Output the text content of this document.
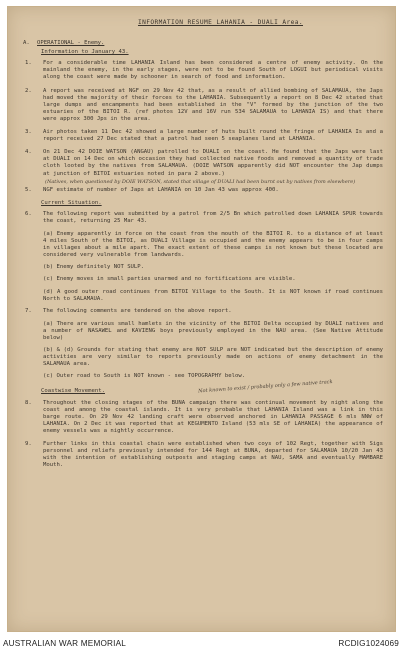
INFORMATION RESUME LAHANIA - DUALI Area.
A. OPERATIONAL - Enemy.
Information to January 43.
1.	For a considerable time LAHANIA Island has been considered a centre of enemy activity. On the mainland the enemy, in the early stages, were not to be found South of LOGUI but periodical visits along the coast were made by schooner in search of food and information.
2.	A report was received at NGF on 29 Nov 42 that, as a result of allied bombing of SALAMAUA, the Japs had moved the majority of their forces to the LAHANIA. Subsequently a report on 8 Dec 42 stated that large dumps and encampments had been established in the "V" formed by the junction of the two estuaries of the BITOI R. (ref photos 12V and 16V run 534 SALAMAUA to LAHANIA IS) and that there were approx 300 Jps in the area.
3.	Air photos taken 11 Dec 42 showed a large number of huts built round the fringe of LAHANIA Is and a report received 27 Dec stated that a patrol had seen 5 seaplanes land at LAHANIA.
4.	On 21 Dec 42 DOIE WATSON (ANGAU) patrolled to DUALI on the coast. He found that the Japs were last at DUALI on 14 Dec on which occasion they had collected native foods and removed a quantity of trade cloth looted by the natives from SALAMAUA. (DOIE WATSON apparently did NOT encounter the Jap dumps at junction of BITOI estuaries noted in para 2 above.)
(Natives, when questioned by DOIE WATSON, stated that village of DUALI had been burnt out by natives from elsewhere)
5.	NGF estimate of number of Japs at LAHANIA on 10 Jan 43 was approx 400.
Current Situation.
6.	The following report was submitted by a patrol from 2/5 Bn which patrolled down LAHANIA SPUR towards the coast, returning 25 Mar 43.
(a) Enemy apparently in force on the coast from the mouth of the BITOI R. to a distance of at least 4 miles South of the BITOI, as DUALI Village is occupied and the enemy appears to be in four camps in villages about a mile apart. The exact extent of these camps is not known but these located are considered very vulnerable from landwards.
(b) Enemy definitely NOT SULP.
(c) Enemy moves in small parties unarmed and no fortifications are visible.
(d) A good outer road continues from BITOI Village to the South. It is NOT known if road continues North to SALAMAUA.
7.	The following comments are tendered on the above report.
(a) There are various small hamlets in the vicinity of the BITOI Delta occupied by DUALI natives and a number of NASAWEL and KAVIENG boys previously employed in the NAU area. (See Native Attitude below)
(b) & (d) Grounds for stating that enemy are NOT SULP are NOT indicated but the description of enemy activities are very similar to reports previously made on actions of enemy detachment in the SALAMAUA area.
(c) Outer road to South is NOT known - see TOPOGRAPHY below.
Not known to exist / probably only a few native track
Coastwise Movement.
8.	Throughout the closing stages of the BUNA campaign there was continual movement by night along the coast and among the coastal islands. It is very probable that LAHANIA Island was a link in this barge route. On 29 Nov 42 landing craft were observed anchored in LAHANIA PASSAGE 6 mls NNW of LAHANIA. On 2 Dec it was reported that at KEGUMENTO Island (53 mls SE of LAHANIA) the appearance of enemy vessels was a nightly occurrence.
9.	Further links in this coastal chain were established when two coys of 102 Regt, together with Sigs personnel and reliefs previously intended for 144 Regt at BUNA, departed for SALAMAUA 10/20 Jan 43 with the intention of establishing outposts and staging camps at NAU, SAMA and eventually MAMBARE Mouth.
AUSTRALIAN WAR MEMORIAL	RCDIG1024069
